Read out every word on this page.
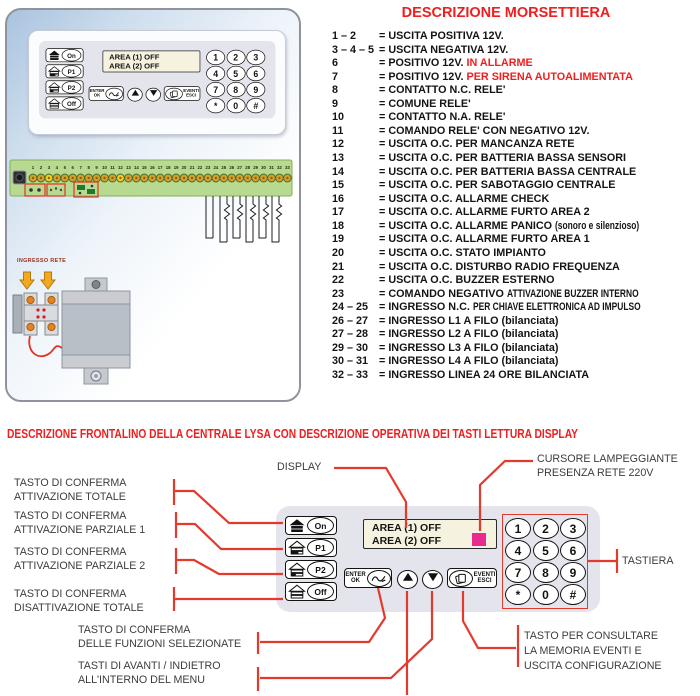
1 2 3 4 5 6 7 8 9 10 11 12 13 14 15 16 17 18 19 20 21 22 23 24 25 26 27 28 29 30 31 32 33
INGRESSO RETE
DESCRIZIONE MORSETTIERA
1 – 2 = USCITA POSITIVA 12V.
3 – 4 – 5 = USCITA NEGATIVA 12V.
6	= POSITIVO 12V. IN ALLARME
7	= POSITIVO 12V. PER SIRENA AUTOALIMENTATA
8	= CONTATTO N.C. RELE'
9	= COMUNE RELE'
10	= CONTATTO N.A. RELE'
11	= COMANDO RELE' CON NEGATIVO 12V.
12	= USCITA O.C. PER MANCANZA RETE
13	= USCITA O.C. PER BATTERIA BASSA SENSORI
14	= USCITA O.C. PER BATTERIA BASSA CENTRALE
15	= USCITA O.C. PER SABOTAGGIO CENTRALE
16	= USCITA O.C. ALLARME CHECK
17	= USCITA O.C. ALLARME FURTO AREA 2
18	= USCITA O.C. ALLARME PANICO (sonoro e silenzioso)
19	= USCITA O.C. ALLARME FURTO AREA 1
20	= USCITA O.C. STATO IMPIANTO
21	= USCITA O.C. DISTURBO RADIO FREQUENZA
22	= USCITA O.C. BUZZER ESTERNO
23	= COMANDO NEGATIVO ATTIVAZIONE BUZZER INTERNO
24 – 25 = INGRESSO N.C. PER CHIAVE ELETTRONICA AD IMPULSO
26 – 27 = INGRESSO L1 A FILO (bilanciata)
27 – 28 = INGRESSO L2 A FILO (bilanciata)
29 – 30 = INGRESSO L3 A FILO (bilanciata)
30 – 31 = INGRESSO L4 A FILO (bilanciata)
32 – 33 = INGRESSO LINEA 24 ORE BILANCIATA
DESCRIZIONE FRONTALINO DELLA CENTRALE LYSA CON DESCRIZIONE OPERATIVA DEI TASTI LETTURA DISPLAY
TASTO DI CONFERMA
ATTIVAZIONE TOTALE
TASTO DI CONFERMA
ATTIVAZIONE PARZIALE 1
TASTO DI CONFERMA
ATTIVAZIONE PARZIALE 2
TASTO DI CONFERMA
DISATTIVAZIONE TOTALE
DISPLAY
CURSORE LAMPEGGIANTE
PRESENZA RETE 220V
TASTIERA
TASTO DI CONFERMA
DELLE FUNZIONI SELEZIONATE
TASTI DI AVANTI / INDIETRO
ALL'INTERNO DEL MENU
TASTO PER CONSULTARE
LA MEMORIA EVENTI E
USCITA CONFIGURAZIONE
On
P1
P2
Off
AREA (1) OFF
AREA (2) OFF
ENTER
OK
EVENTI
ESCI
1	2	3
4	5	6
7	8	9
*	0	#
On
P1
P2
Off
AREA (1) OFF
AREA (2) OFF
ENTER
OK
EVENTI
ESCI
1	2	3
4	5	6
7	8	9
*	0	#
